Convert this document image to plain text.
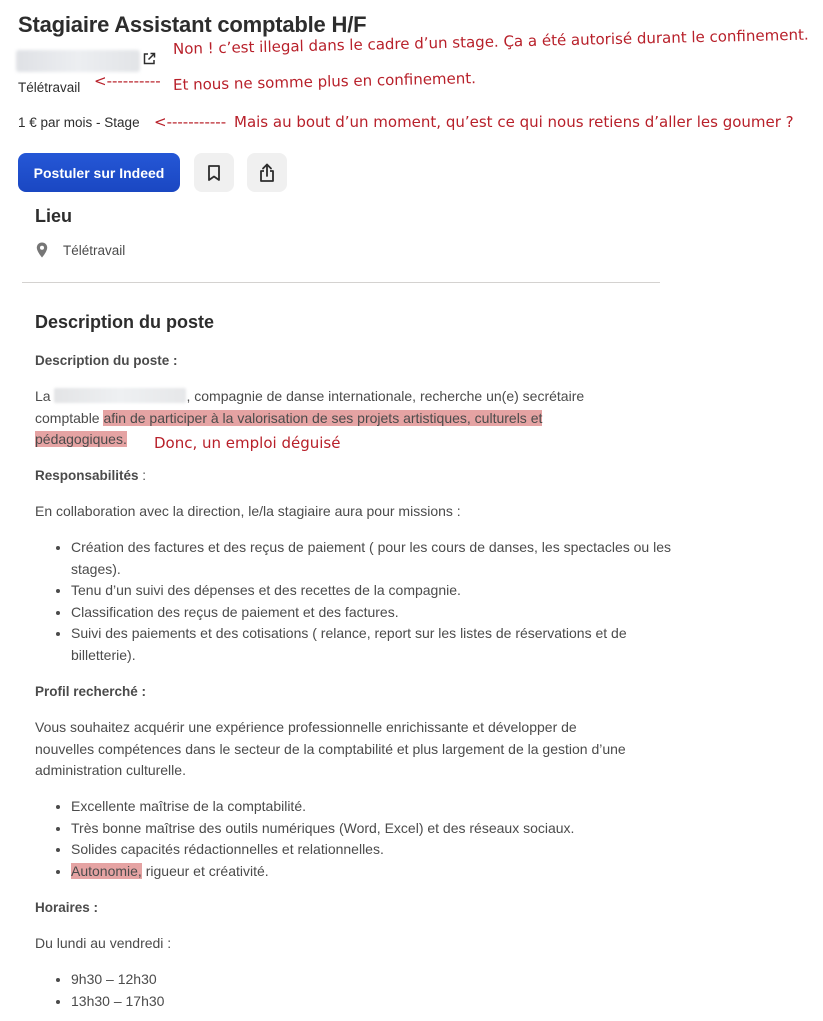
Stagiaire Assistant comptable H/F
Télétravail <----------
Non ! c’est illegal dans le cadre d’un stage. Ça a été autorisé durant le confinement.
Et nous ne somme plus en confinement.
1 € par mois - Stage <----------- Mais au bout d’un moment, qu’est ce qui nous retiens d’aller les goumer ?
Postuler sur Indeed
Lieu
Télétravail
Description du poste
Description du poste :
La	, compagnie de danse internationale, recherche un(e) secrétaire comptable afin de participer à la valorisation de ses projets artistiques, culturels et pédagogiques.	Donc, un emploi déguisé
Responsabilités :
En collaboration avec la direction, le/la stagiaire aura pour missions :
• Création des factures et des reçus de paiement ( pour les cours de danses, les spectacles ou les stages).
• Tenu d’un suivi des dépenses et des recettes de la compagnie.
• Classification des reçus de paiement et des factures.
• Suivi des paiements et des cotisations ( relance, report sur les listes de réservations et de billetterie).
Profil recherché :
Vous souhaitez acquérir une expérience professionnelle enrichissante et développer de nouvelles compétences dans le secteur de la comptabilité et plus largement de la gestion d’une administration culturelle.
• Excellente maîtrise de la comptabilité.
• Très bonne maîtrise des outils numériques (Word, Excel) et des réseaux sociaux.
• Solides capacités rédactionnelles et relationnelles.
• Autonomie, rigueur et créativité.
Horaires :
Du lundi au vendredi :
• 9h30 – 12h30
• 13h30 – 17h30
